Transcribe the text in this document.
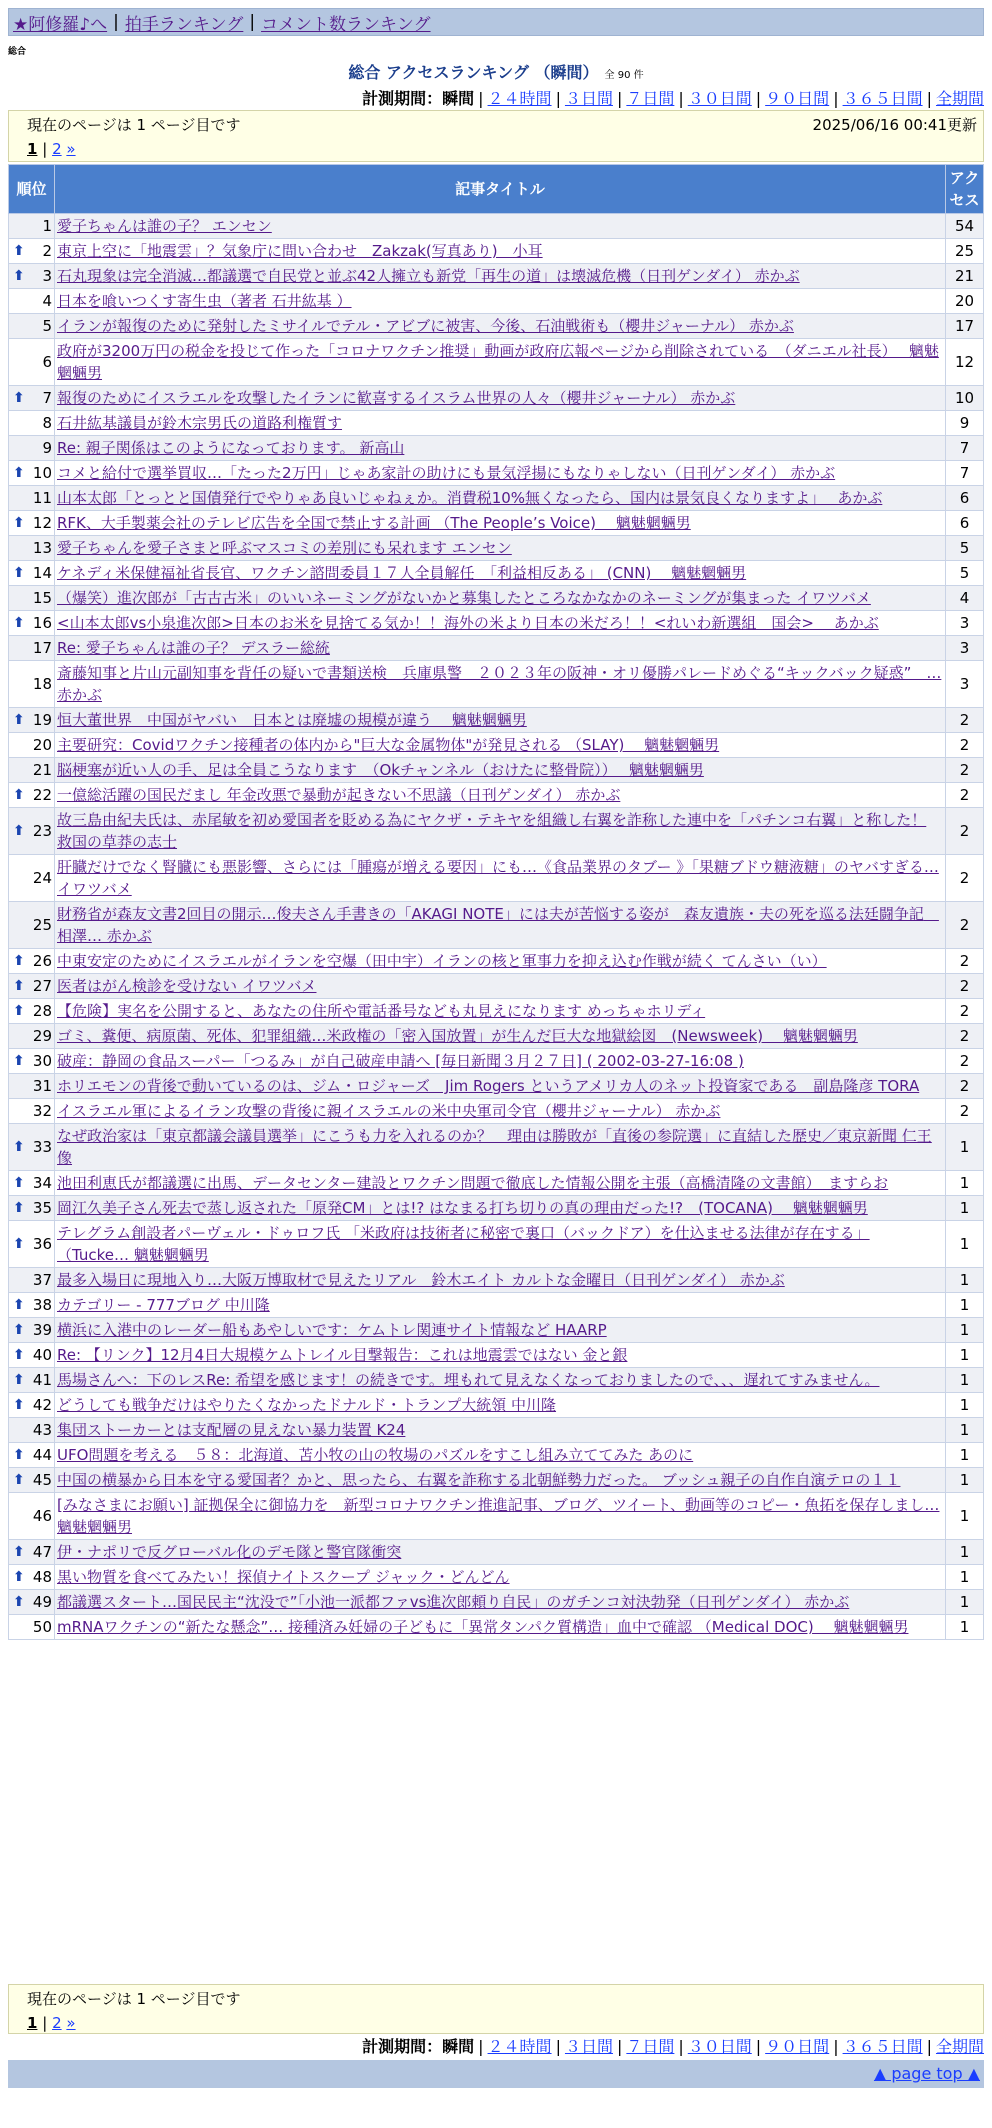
★阿修羅♪へ | 拍手ランキング | コメント数ランキング
総合
総合 アクセスランキング （瞬間） 全 90 件
計測期間：瞬間 | ２４時間 | ３日間 | ７日間 | ３０日間 | ９０日間 | ３６５日間 | 全期間
現在のページは 1 ページ目です	2025/06/16 00:41更新
1 | 2 »
順位	記事タイトル	アクセス
1	愛子ちゃんは誰の子？ エンセン	54

⬆ 2	東京上空に「地震雲」？気象庁に問い合わせ　Zakzak(写真あり)　小耳	25

⬆ 3	石丸現象は完全消滅…都議選で自民党と並ぶ42人擁立も新党「再生の道」は壊滅危機（日刊ゲンダイ） 赤かぶ	21
4	日本を喰いつくす寄生虫（著者 石井紘基 ）	20
5	イランが報復のために発射したミサイルでテル・アビブに被害、今後、石油戦術も（櫻井ジャーナル） 赤かぶ	17
6	政府が3200万円の税金を投じて作った「コロナワクチン推奨」動画が政府広報ページから削除されている　（ダニエル社長）　 魑魅魍魎男	12

⬆ 7	報復のためにイスラエルを攻撃したイランに歓喜するイスラム世界の人々（櫻井ジャーナル） 赤かぶ	10
8	石井紘基議員が鈴木宗男氏の道路利権質す	9
9	Re: 親子関係はこのようになっております。 新高山	7

⬆ 10	コメと給付で選挙買収…「たった2万円」じゃあ家計の助けにも景気浮揚にもなりゃしない（日刊ゲンダイ） 赤かぶ	7
11	山本太郎「とっとと国債発行でやりゃあ良いじゃねぇか。消費税10%無くなったら、国内は景気良くなりますよ」　 あかぶ	6

⬆ 12	RFK、大手製薬会社のテレビ広告を全国で禁止する計画 （The People’s Voice)　 魑魅魍魎男	6
13	愛子ちゃんを愛子さまと呼ぶマスコミの差別にも呆れます エンセン	5

⬆ 14	ケネディ米保健福祉省長官、ワクチン諮問委員１７人全員解任　「利益相反ある」 (CNN)　 魑魅魍魎男	5
15	（爆笑）進次郎が「古古古米」のいいネーミングがないかと募集したところなかなかのネーミングが集まった イワツバメ	4

⬆ 16	<山本太郎vs小泉進次郎>日本のお米を見捨てる気か！！海外の米より日本の米だろ！！<れいわ新選組　国会>　 あかぶ	3
17	Re: 愛子ちゃんは誰の子？ デスラー総統	3
18	斎藤知事と片山元副知事を背任の疑いで書類送検　兵庫県警　２０２３年の阪神・オリ優勝パレードめぐる“キックバック疑惑”　… 赤かぶ	3

⬆ 19	恒大董世界　中国がヤバい　日本とは廃墟の規模が違う　 魑魅魍魎男	2
20	主要研究：Covidワクチン接種者の体内から"巨大な金属物体"が発見される （SLAY)　 魑魅魍魎男	2
21	脳梗塞が近い人の手、足は全員こうなります　（Okチャンネル（おけたに整骨院））　 魑魅魍魎男	2

⬆ 22	一億総活躍の国民だまし 年金改悪で暴動が起きない不思議（日刊ゲンダイ） 赤かぶ	2

⬆ 23	故三島由紀夫氏は、赤尾敏を初め愛国者を貶める為にヤクザ・テキヤを組織し右翼を詐称した連中を「パチンコ右翼」と称した！ 救国の草莽の志士	2
24	肝臓だけでなく腎臓にも悪影響、さらには「腫瘍が増える要因」にも…《食品業界のタブー 》「果糖ブドウ糖液糖」のヤバすぎる… イワツバメ	2
25	財務省が森友文書2回目の開示…俊夫さん手書きの「AKAGI NOTE」には夫が苦悩する姿が　森友遺族・夫の死を巡る法廷闘争記　相澤… 赤かぶ	2

⬆ 26	中東安定のためにイスラエルがイランを空爆（田中宇）イランの核と軍事力を抑え込む作戦が続く てんさい（い）	2

⬆ 27	医者はがん検診を受けない イワツバメ	2

⬆ 28	【危険】実名を公開すると、あなたの住所や電話番号なども丸見えになります めっちゃホリディ	2
29	ゴミ、糞便、病原菌、死体、犯罪組織…米政権の「密入国放置」が生んだ巨大な地獄絵図　(Newsweek)　 魑魅魍魎男	2

⬆ 30	破産：静岡の食品スーパー「つるみ」が自己破産申請へ [毎日新聞３月２７日] ( 2002-03-27-16:08 )	2
31	ホリエモンの背後で動いているのは、ジム・ロジャーズ　Jim Rogers というアメリカ人のネット投資家である　副島隆彦 TORA	2
32	イスラエル軍によるイラン攻撃の背後に親イスラエルの米中央軍司令官（櫻井ジャーナル） 赤かぶ	2

⬆ 33	なぜ政治家は「東京都議会議員選挙」にこうも力を入れるのか？　理由は勝敗が「直後の参院選」に直結した歴史／東京新聞 仁王像	1

⬆ 34	池田利恵氏が都議選に出馬、データセンター建設とワクチン問題で徹底した情報公開を主張（高橋清隆の文書館）　ますらお	1

⬆ 35	岡江久美子さん死去で蒸し返された「原発CM」とは!? はなまる打ち切りの真の理由だった!?　(TOCANA)　 魑魅魍魎男	1

⬆ 36	テレグラム創設者パーヴェル・ドゥロフ氏 「米政府は技術者に秘密で裏口（バックドア）を仕込ませる法律が存在する」 （Tucke… 魑魅魍魎男	1
37	最多入場日に現地入り…大阪万博取材で見えたリアル　鈴木エイト カルトな金曜日（日刊ゲンダイ） 赤かぶ	1

⬆ 38	カテゴリー - 777ブログ 中川隆	1

⬆ 39	横浜に入港中のレーダー船もあやしいです：ケムトレ関連サイト情報など HAARP	1

⬆ 40	Re: 【リンク】12月4日大規模ケムトレイル目撃報告：これは地震雲ではない 金と銀	1

⬆ 41	馬場さんへ：下のレスRe: 希望を感じます！の続きです。埋もれて見えなくなっておりましたので、、、遅れてすみません。	1

⬆ 42	どうしても戦争だけはやりたくなかったドナルド・トランプ大統領 中川隆	1
43	集団ストーカーとは支配層の見えない暴力装置 K24	1

⬆ 44	UFO問題を考える　５８：北海道、苫小牧の山の牧場のパズルをすこし組み立ててみた あのに	1

⬆ 45	中国の横暴から日本を守る愛国者？かと、思ったら、右翼を詐称する北朝鮮勢力だった。 ブッシュ親子の自作自演テロの１１	1
46	[みなさまにお願い] 証拠保全に御協力を　新型コロナワクチン推進記事、ブログ、ツイート、動画等のコピー・魚拓を保存しまし… 魑魅魍魎男	1

⬆ 47	伊・ナポリで反グローバル化のデモ隊と警官隊衝突	1

⬆ 48	黒い物質を食べてみたい！探偵ナイトスクープ ジャック・どんどん	1

⬆ 49	都議選スタート…国民民主“沈没で”「小池一派都ファvs進次郎頼り自民」のガチンコ対決勃発（日刊ゲンダイ） 赤かぶ	1
50	mRNAワクチンの“新たな懸念”… 接種済み妊婦の子どもに「異常タンパク質構造」血中で確認 （Medical DOC)　 魑魅魍魎男	1
現在のページは 1 ページ目です
1 | 2 »
計測期間：瞬間 | ２４時間 | ３日間 | ７日間 | ３０日間 | ９０日間 | ３６５日間 | 全期間
▲ page top ▲
